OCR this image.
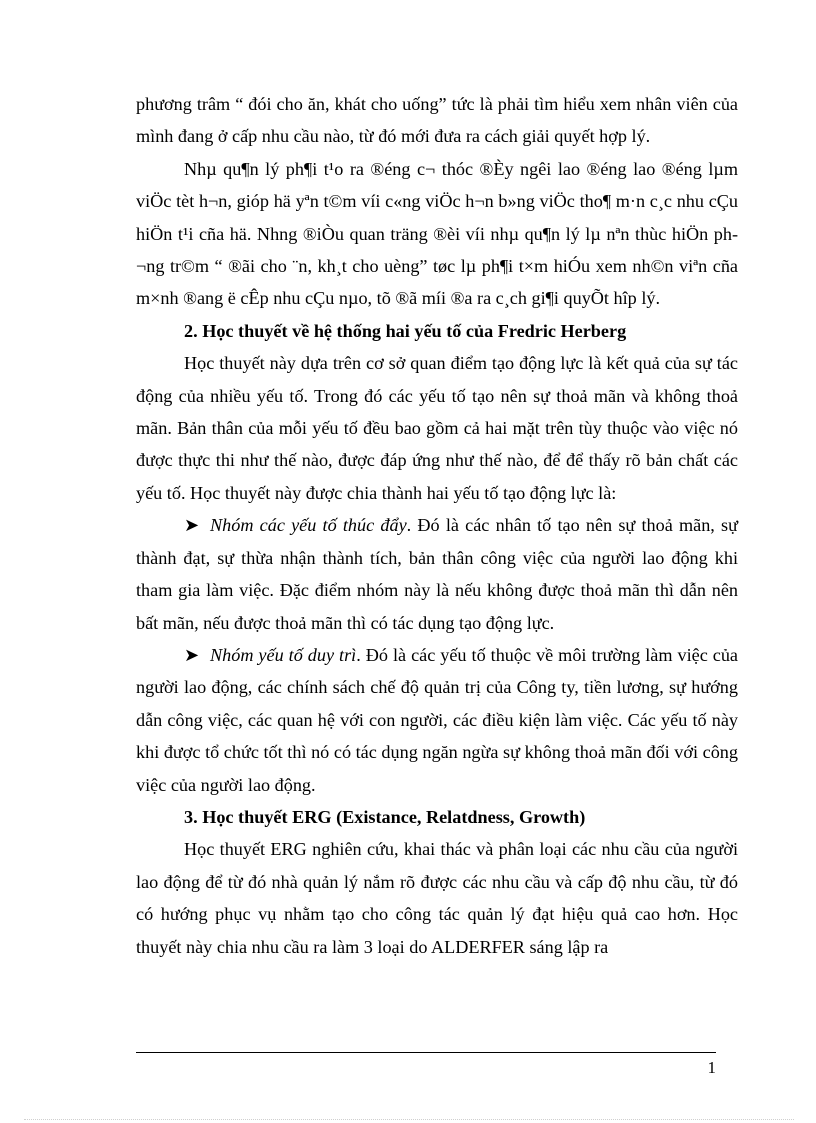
phương trâm “ đói cho ăn, khát cho uống” tức là phải tìm hiểu xem nhân viên của mình đang ở cấp nhu cầu nào, từ đó mới đưa ra cách giải quyết hợp lý.

Nhµ qu¶n lý ph¶i t¹o ra ®éng c¬ thóc ®Èy ngêi lao ®éng lao ®éng lµm viÖc tèt h¬n, gióp hä yªn t©m víi c«ng viÖc h¬n b»ng viÖc tho¶ m·n c¸c nhu cÇu hiÖn t¹i cña hä. Nhng ®iÒu quan träng ®èi víi nhµ qu¶n lý lµ nªn thùc hiÖn ph¬ng tr©m “ ®ãi cho ¨n, kh¸t cho uèng” tøc lµ ph¶i t×m hiÓu xem nh©n viªn cña m×nh ®ang ë cÊp nhu cÇu nµo, tõ ®ã míi ®a ra c¸ch gi¶i quyÕt hîp lý.

2. Học thuyết về hệ thống hai yếu tố của Fredric Herberg

Học thuyết này dựa trên cơ sở quan điểm tạo động lực là kết quả của sự tác động của nhiều yếu tố. Trong đó các yếu tố tạo nên sự thoả mãn và không thoả mãn. Bản thân của mỗi yếu tố đều bao gồm cả hai mặt trên tùy thuộc vào việc nó được thực thi như thế nào, được đáp ứng như thế nào, để để thấy rõ bản chất các yếu tố. Học thuyết này được chia thành hai yếu tố tạo động lực là:

➤ Nhóm các yếu tố thúc đẩy. Đó là các nhân tố tạo nên sự thoả mãn, sự thành đạt, sự thừa nhận thành tích, bản thân công việc của người lao động khi tham gia làm việc. Đặc điểm nhóm này là nếu không được thoả mãn thì dẫn nên bất mãn, nếu được thoả mãn thì có tác dụng tạo động lực.

➤ Nhóm yếu tố duy trì. Đó là các yếu tố thuộc về môi trường làm việc của người lao động, các chính sách chế độ quản trị của Công ty, tiền lương, sự hướng dẫn công việc, các quan hệ với con người, các điều kiện làm việc. Các yếu tố này khi được tổ chức tốt thì nó có tác dụng ngăn ngừa sự không thoả mãn đối với công việc của người lao động.

3. Học thuyết ERG (Existance, Relatdness, Growth)

Học thuyết ERG nghiên cứu, khai thác và phân loại các nhu cầu của người lao động để từ đó nhà quản lý nắm rõ được các nhu cầu và cấp độ nhu cầu, từ đó có hướng phục vụ nhằm tạo cho công tác quản lý đạt hiệu quả cao hơn. Học thuyết này chia nhu cầu ra làm 3 loại do ALDERFER sáng lập ra

1
